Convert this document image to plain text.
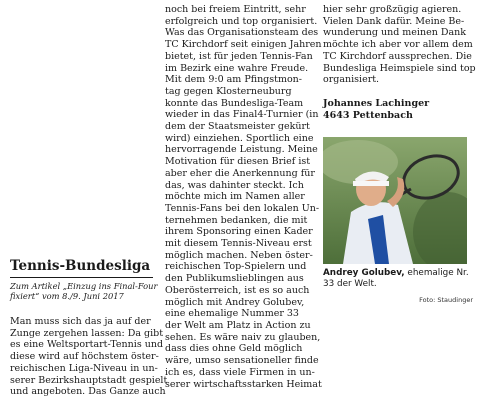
Tennis-Bundesliga

Zum Artikel „Einzug ins Final-Four
fixiert“ vom 8./9. Juni 2017

Man muss sich das ja auf der
Zunge zergehen lassen: Da gibt
es eine Weltsportart-Tennis und
diese wird auf höchstem öster-
reichischen Liga-Niveau in un-
serer Bezirkshauptstadt gespielt
und angeboten. Das Ganze auch

noch bei freiem Eintritt, sehr
erfolgreich und top organisiert.
Was das Organisationsteam des
TC Kirchdorf seit einigen Jahren
bietet, ist für jeden Tennis-Fan
im Bezirk eine wahre Freude.
Mit dem 9:0 am Pfingstmon-
tag gegen Klosterneuburg
konnte das Bundesliga-Team
wieder in das Final4-Turnier (in
dem der Staatsmeister gekürt
wird) einziehen. Sportlich eine
hervorragende Leistung. Meine
Motivation für diesen Brief ist
aber eher die Anerkennung für
das, was dahinter steckt. Ich
möchte mich im Namen aller
Tennis-Fans bei den lokalen Un-
ternehmen bedanken, die mit
ihrem Sponsoring einen Kader
mit diesem Tennis-Niveau erst
möglich machen. Neben öster-
reichischen Top-Spielern und
den Publikumslieblingen aus
Oberösterreich, ist es so auch
möglich mit Andrey Golubev,
eine ehemalige Nummer 33
der Welt am Platz in Action zu
sehen. Es wäre naiv zu glauben,
dass dies ohne Geld möglich
wäre, umso sensationeller finde
ich es, dass viele Firmen in un-
serer wirtschaftsstarken Heimat

hier sehr großzügig agieren.
Vielen Dank dafür. Meine Be-
wunderung und meinen Dank
möchte ich aber vor allem dem
TC Kirchdorf aussprechen. Die
Bundesliga Heimspiele sind top
organisiert.

Johannes Lachinger

4643 Pettenbach

Andrey Golubev, ehemalige Nr.
33 der Welt.

Foto: Staudinger
